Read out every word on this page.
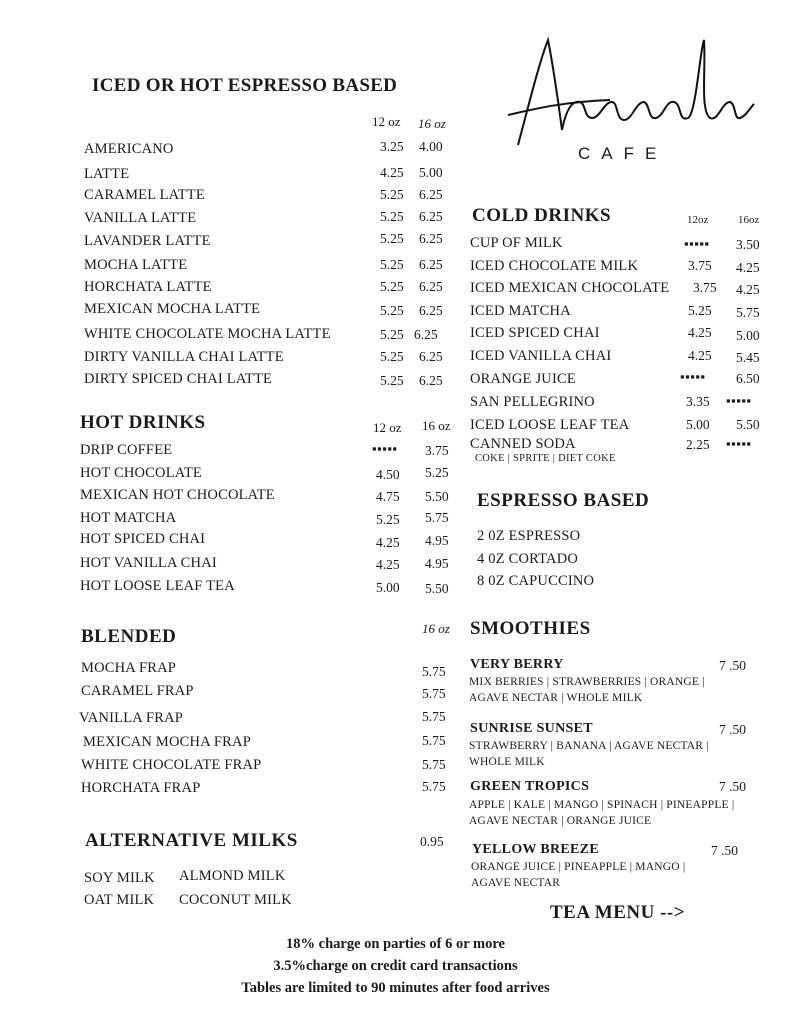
CAFE
ICED OR HOT ESPRESSO BASED
12 oz 16 oz
AMERICANO	3.25 4.00
LATTE	4.25 5.00
CARAMEL LATTE	5.25 6.25
VANILLA LATTE	5.25 6.25
LAVANDER LATTE	5.25 6.25
MOCHA LATTE	5.25 6.25
HORCHATA LATTE	5.25 6.25
MEXICAN MOCHA LATTE	5.25 6.25
WHITE CHOCOLATE MOCHA LATTE	5.25 6.25
DIRTY VANILLA CHAI LATTE	5.25 6.25
DIRTY SPICED CHAI LATTE	5.25 6.25
HOT DRINKS	12 oz 16 oz
DRIP COFFEE	▪▪▪▪▪ 3.75
HOT CHOCOLATE	4.50 5.25
MEXICAN HOT CHOCOLATE	4.75 5.50
HOT MATCHA	5.25 5.75
HOT SPICED CHAI	4.25 4.95
HOT VANILLA CHAI	4.25 4.95
HOT LOOSE LEAF TEA	5.00 5.50
BLENDED	16 oz
MOCHA FRAP	5.75
CARAMEL FRAP	5.75
VANILLA FRAP	5.75
MEXICAN MOCHA FRAP	5.75
WHITE CHOCOLATE FRAP	5.75
HORCHATA FRAP	5.75
ALTERNATIVE MILKS	0.95
SOY MILK ALMOND MILK
OAT MILK COCONUT MILK
COLD DRINKS	12oz	16oz
CUP OF MILK	▪▪▪▪▪ 3.50
ICED CHOCOLATE MILK	3.75 4.25
ICED MEXICAN CHOCOLATE 3.75 4.25
ICED MATCHA	5.25 5.75
ICED SPICED CHAI	4.25 5.00
ICED VANILLA CHAI	4.25 5.45
ORANGE JUICE	▪▪▪▪▪ 6.50
SAN PELLEGRINO	3.35 ▪▪▪▪▪
ICED LOOSE LEAF TEA	5.00 5.50
CANNED SODA	2.25 ▪▪▪▪▪
COKE | SPRITE | DIET COKE
ESPRESSO BASED
2 0Z ESPRESSO
4 0Z CORTADO
8 0Z CAPUCCINO
SMOOTHIES
VERY BERRY	7 .50
MIX BERRIES | STRAWBERRIES | ORANGE | AGAVE NECTAR | WHOLE MILK
SUNRISE SUNSET	7 .50
STRAWBERRY | BANANA | AGAVE NECTAR | WHOLE MILK
GREEN TROPICS	7 .50
APPLE | KALE | MANGO | SPINACH | PINEAPPLE | AGAVE NECTAR | ORANGE JUICE
YELLOW BREEZE	7 .50
ORANGE JUICE | PINEAPPLE | MANGO | AGAVE NECTAR
TEA MENU -->
18% charge on parties of 6 or more
3.5%charge on credit card transactions
Tables are limited to 90 minutes after food arrives
